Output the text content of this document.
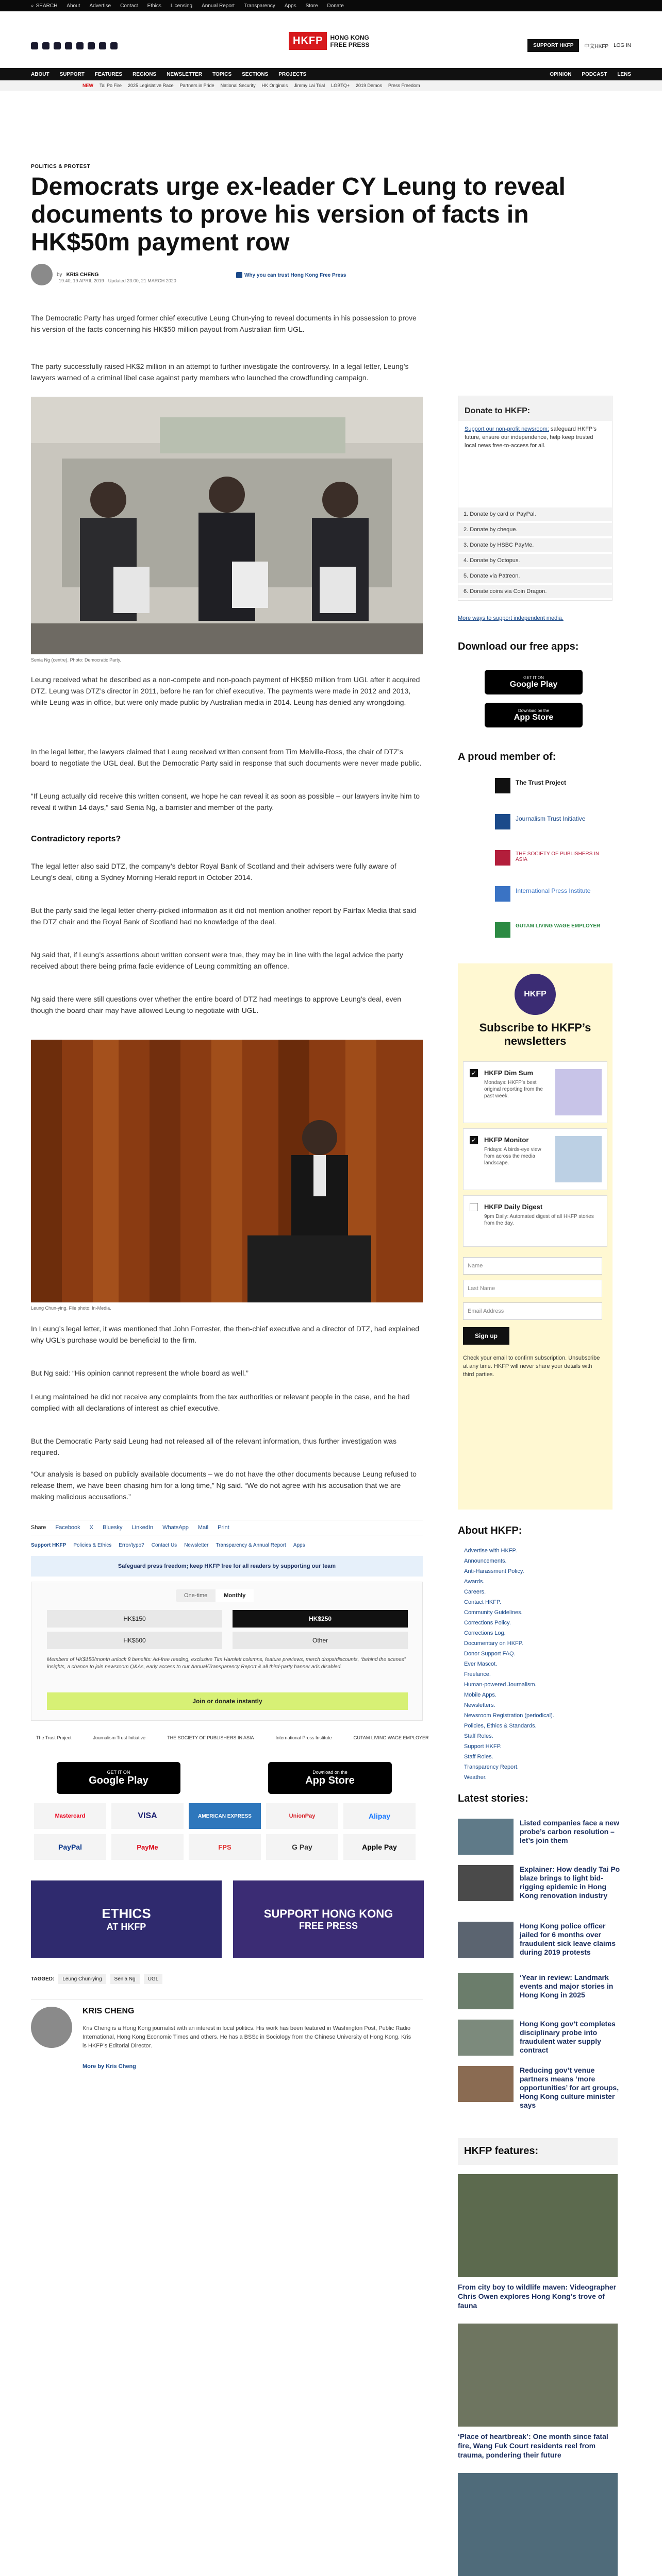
⌕ SEARCH About Advertise Contact Ethics Licensing Annual Report Transparency Apps Store Donate
HKFP	HONG KONG
FREE PRESS	SUPPORT HKFP	中文HKFP LOG IN
ABOUT SUPPORT FEATURES REGIONS NEWSLETTER TOPICS SECTIONS PROJECTS	OPINION PODCAST LENS
NEW Tai Po Fire 2025 Legislative Race Partners in Pride National Security HK Originals Jimmy Lai Trial LGBTQ+ 2019 Demos Press Freedom
POLITICS & PROTEST
Democrats urge ex-leader CY Leung to reveal documents to prove his version of facts in HK$50m payment row
by KRIS CHENG
19:40, 19 APRIL 2019 · Updated 23:00, 21 MARCH 2020
Why you can trust Hong Kong Free Press

The Democratic Party has urged former chief executive Leung Chun-ying to reveal documents in his possession to prove his version of the facts concerning his HK$50 million payout from Australian firm UGL.

The party successfully raised HK$2 million in an attempt to further investigate the controversy. In a legal letter, Leung’s lawyers warned of a criminal libel case against party members who launched the crowdfunding campaign.

Senia Ng (centre). Photo: Democratic Party.

Leung received what he described as a non-compete and non-poach payment of HK$50 million from UGL after it acquired DTZ. Leung was DTZ’s director in 2011, before he ran for chief executive. The payments were made in 2012 and 2013, while Leung was in office, but were only made public by Australian media in 2014. Leung has denied any wrongdoing.

In the legal letter, the lawyers claimed that Leung received written consent from Tim Melville-Ross, the chair of DTZ’s board to negotiate the UGL deal. But the Democratic Party said in response that such documents were never made public.

“If Leung actually did receive this written consent, we hope he can reveal it as soon as possible – our lawyers invite him to reveal it within 14 days,” said Senia Ng, a barrister and member of the party.

Contradictory reports?

The legal letter also said DTZ, the company’s debtor Royal Bank of Scotland and their advisers were fully aware of Leung’s deal, citing a Sydney Morning Herald report in October 2014.

But the party said the legal letter cherry-picked information as it did not mention another report by Fairfax Media that said the DTZ chair and the Royal Bank of Scotland had no knowledge of the deal.

Ng said that, if Leung’s assertions about written consent were true, they may be in line with the legal advice the party received about there being prima facie evidence of Leung committing an offence.

Ng said there were still questions over whether the entire board of DTZ had meetings to approve Leung’s deal, even though the board chair may have allowed Leung to negotiate with UGL.

Leung Chun-ying. File photo: In-Media.

In Leung’s legal letter, it was mentioned that John Forrester, the then-chief executive and a director of DTZ, had explained why UGL’s purchase would be beneficial to the firm.

But Ng said: “His opinion cannot represent the whole board as well.”

Leung maintained he did not receive any complaints from the tax authorities or relevant people in the case, and he had complied with all declarations of interest as chief executive.

But the Democratic Party said Leung had not released all of the relevant information, thus further investigation was required.

“Our analysis is based on publicly available documents – we do not have the other documents because Leung refused to release them, we have been chasing him for a long time,” Ng said. “We do not agree with his accusation that we are making malicious accusations.”

Share Facebook X Bluesky LinkedIn WhatsApp Mail Print
Support HKFP Policies & Ethics Error/typo? Contact Us Newsletter Transparency & Annual Report Apps
Safeguard press freedom; keep HKFP free for all readers by supporting our team
One-time	Monthly
HK$150	HK$250
HK$500	Other

Members of HK$150/month unlock 8 benefits: Ad-free reading, exclusive Tim Hamlett columns, feature previews, merch drops/discounts, “behind the scenes” insights, a chance to join newsroom Q&As, early access to our Annual/Transparency Report & all third-party banner ads disabled.

Join or donate instantly
The Trust Project	Journalism Trust Initiative	THE SOCIETY OF PUBLISHERS IN ASIA	International Press Institute	GUTAM LIVING WAGE EMPLOYER
GET IT ON
Google Play
Download on the
App Store
Mastercard	VISA	AMERICAN EXPRESS	UnionPay	Alipay
PayPal	PayMe	FPS	G Pay	Apple Pay
ETHICS
AT HKFP
SUPPORT HONG KONG
FREE PRESS
TAGGED:	Leung Chun-ying	Senia Ng	UGL
KRIS CHENG

Kris Cheng is a Hong Kong journalist with an interest in local politics. His work has been featured in Washington Post, Public Radio International, Hong Kong Economic Times and others. He has a BSSc in Sociology from the Chinese University of Hong Kong. Kris is HKFP’s Editorial Director.

More by Kris Cheng
Donate to HKFP:
Support our non-profit newsroom: safeguard HKFP’s future, ensure our independence, help keep trusted local news free-to-access for all.
1. Donate by card or PayPal.
2. Donate by cheque.
3. Donate by HSBC PayMe.
4. Donate by Octopus.
5. Donate via Patreon.
6. Donate coins via Coin Dragon.
More ways to support independent media.
Download our free apps:
GET IT ON
Google Play
Download on the
App Store
A proud member of:
The Trust Project
Journalism Trust Initiative
THE SOCIETY OF PUBLISHERS IN ASIA
International Press Institute
GUTAM LIVING WAGE EMPLOYER
HKFP
Subscribe to HKFP’s newsletters
✓ HKFP Dim Sum
Mondays: HKFP’s best original reporting from the past week.
✓ HKFP Monitor
Fridays: A birds-eye view from across the media landscape.
HKFP Daily Digest
9pm Daily: Automated digest of all HKFP stories from the day.
Name
Last Name
Email Address
Sign up

Check your email to confirm subscription. Unsubscribe at any time. HKFP will never share your details with third parties.

About HKFP:
Advertise with HKFP.
Announcements.
Anti-Harassment Policy.
Awards.
Careers.
Contact HKFP.
Community Guidelines.
Corrections Policy.
Corrections Log.
Documentary on HKFP.
Donor Support FAQ.
Ever Mascot.
Freelance.
Human-powered Journalism.
Mobile Apps.
Newsletters.
Newsroom Registration (periodical).
Policies, Ethics & Standards.
Staff Roles.
Support HKFP.
Staff Roles.
Transparency Report.
Weather.
Latest stories:
Listed companies face a new probe’s carbon resolution – let’s join them
Explainer: How deadly Tai Po blaze brings to light bid-rigging epidemic in Hong Kong renovation industry
Hong Kong police officer jailed for 6 months over fraudulent sick leave claims during 2019 protests
‘Year in review: Landmark events and major stories in Hong Kong in 2025
Hong Kong gov’t completes disciplinary probe into fraudulent water supply contract
Reducing gov’t venue partners means ‘more opportunities’ for art groups, Hong Kong culture minister says
HKFP features:
From city boy to wildlife maven: Videographer Chris Owen explores Hong Kong’s trove of fauna
‘Place of heartbreak’: One month since fatal fire, Wang Fuk Court residents reel from trauma, pondering their future
